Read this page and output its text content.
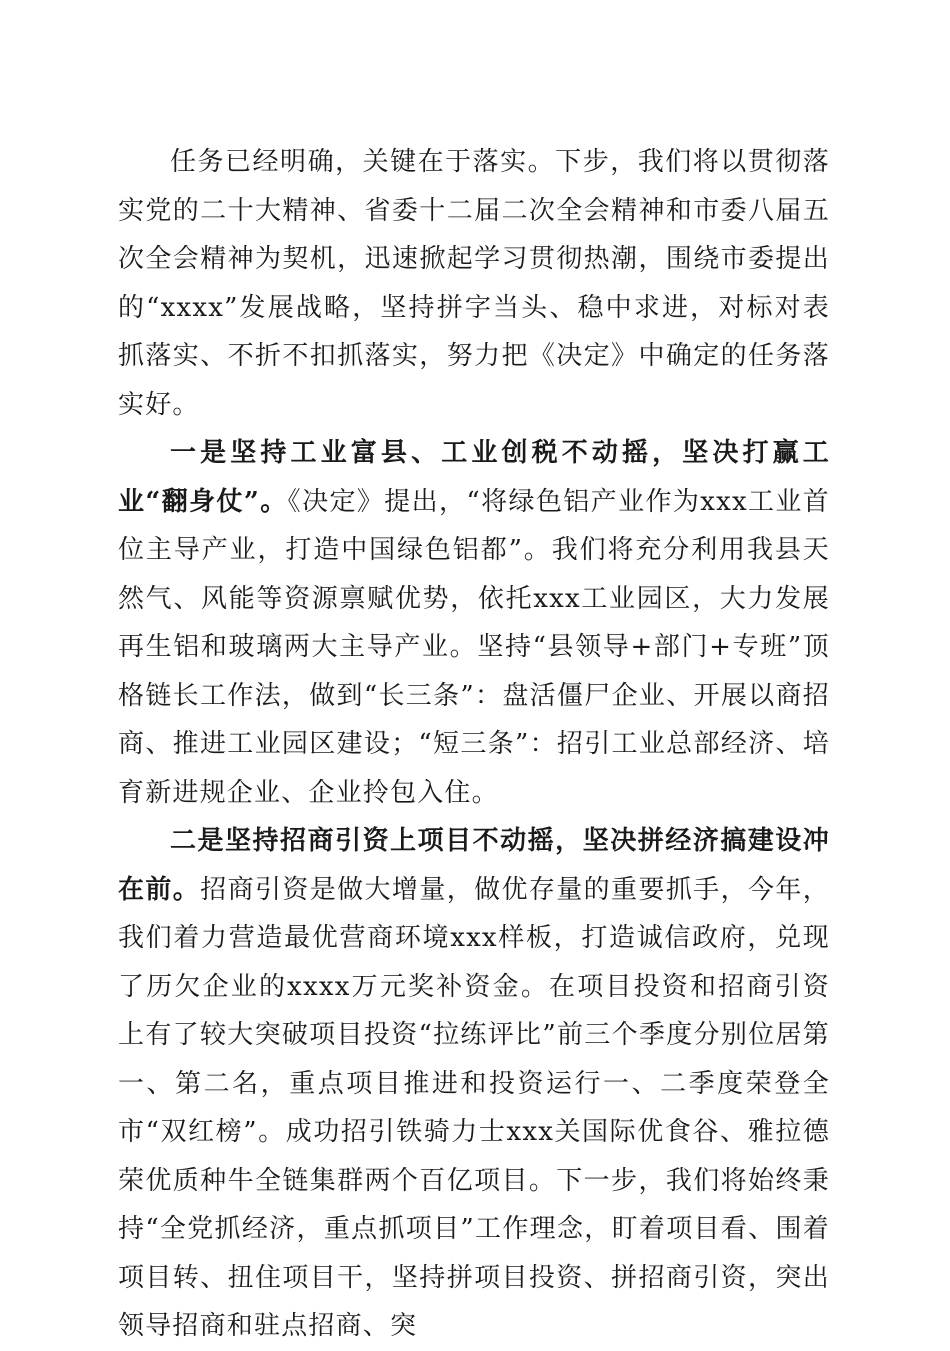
任务已经明确，关键在于落实。下步，我们将以贯彻落实党的二十大精神、省委十二届二次全会精神和市委八届五次全会精神为契机，迅速掀起学习贯彻热潮，围绕市委提出的“xxxx”发展战略，坚持拼字当头、稳中求进，对标对表抓落实、不折不扣抓落实，努力把《决定》中确定的任务落实好。

一是坚持工业富县、工业创税不动摇，坚决打赢工业“翻身仗”。《决定》提出，“将绿色铝产业作为xxx工业首位主导产业，打造中国绿色铝都”。我们将充分利用我县天然气、风能等资源禀赋优势，依托xxx工业园区，大力发展再生铝和玻璃两大主导产业。坚持“县领导+部门+专班”顶格链长工作法，做到“长三条”：盘活僵尸企业、开展以商招商、推进工业园区建设；“短三条”：招引工业总部经济、培育新进规企业、企业拎包入住。

二是坚持招商引资上项目不动摇，坚决拼经济搞建设冲在前。招商引资是做大增量，做优存量的重要抓手，今年，我们着力营造最优营商环境xxx样板，打造诚信政府，兑现了历欠企业的xxxx万元奖补资金。在项目投资和招商引资上有了较大突破项目投资“拉练评比”前三个季度分别位居第一、第二名，重点项目推进和投资运行一、二季度荣登全市“双红榜”。成功招引铁骑力士xxx关国际优食谷、雅拉德荣优质种牛全链集群两个百亿项目。下一步，我们将始终秉持“全党抓经济，重点抓项目”工作理念，盯着项目看、围着项目转、扭住项目干，坚持拼项目投资、拼招商引资，突出领导招商和驻点招商、突
